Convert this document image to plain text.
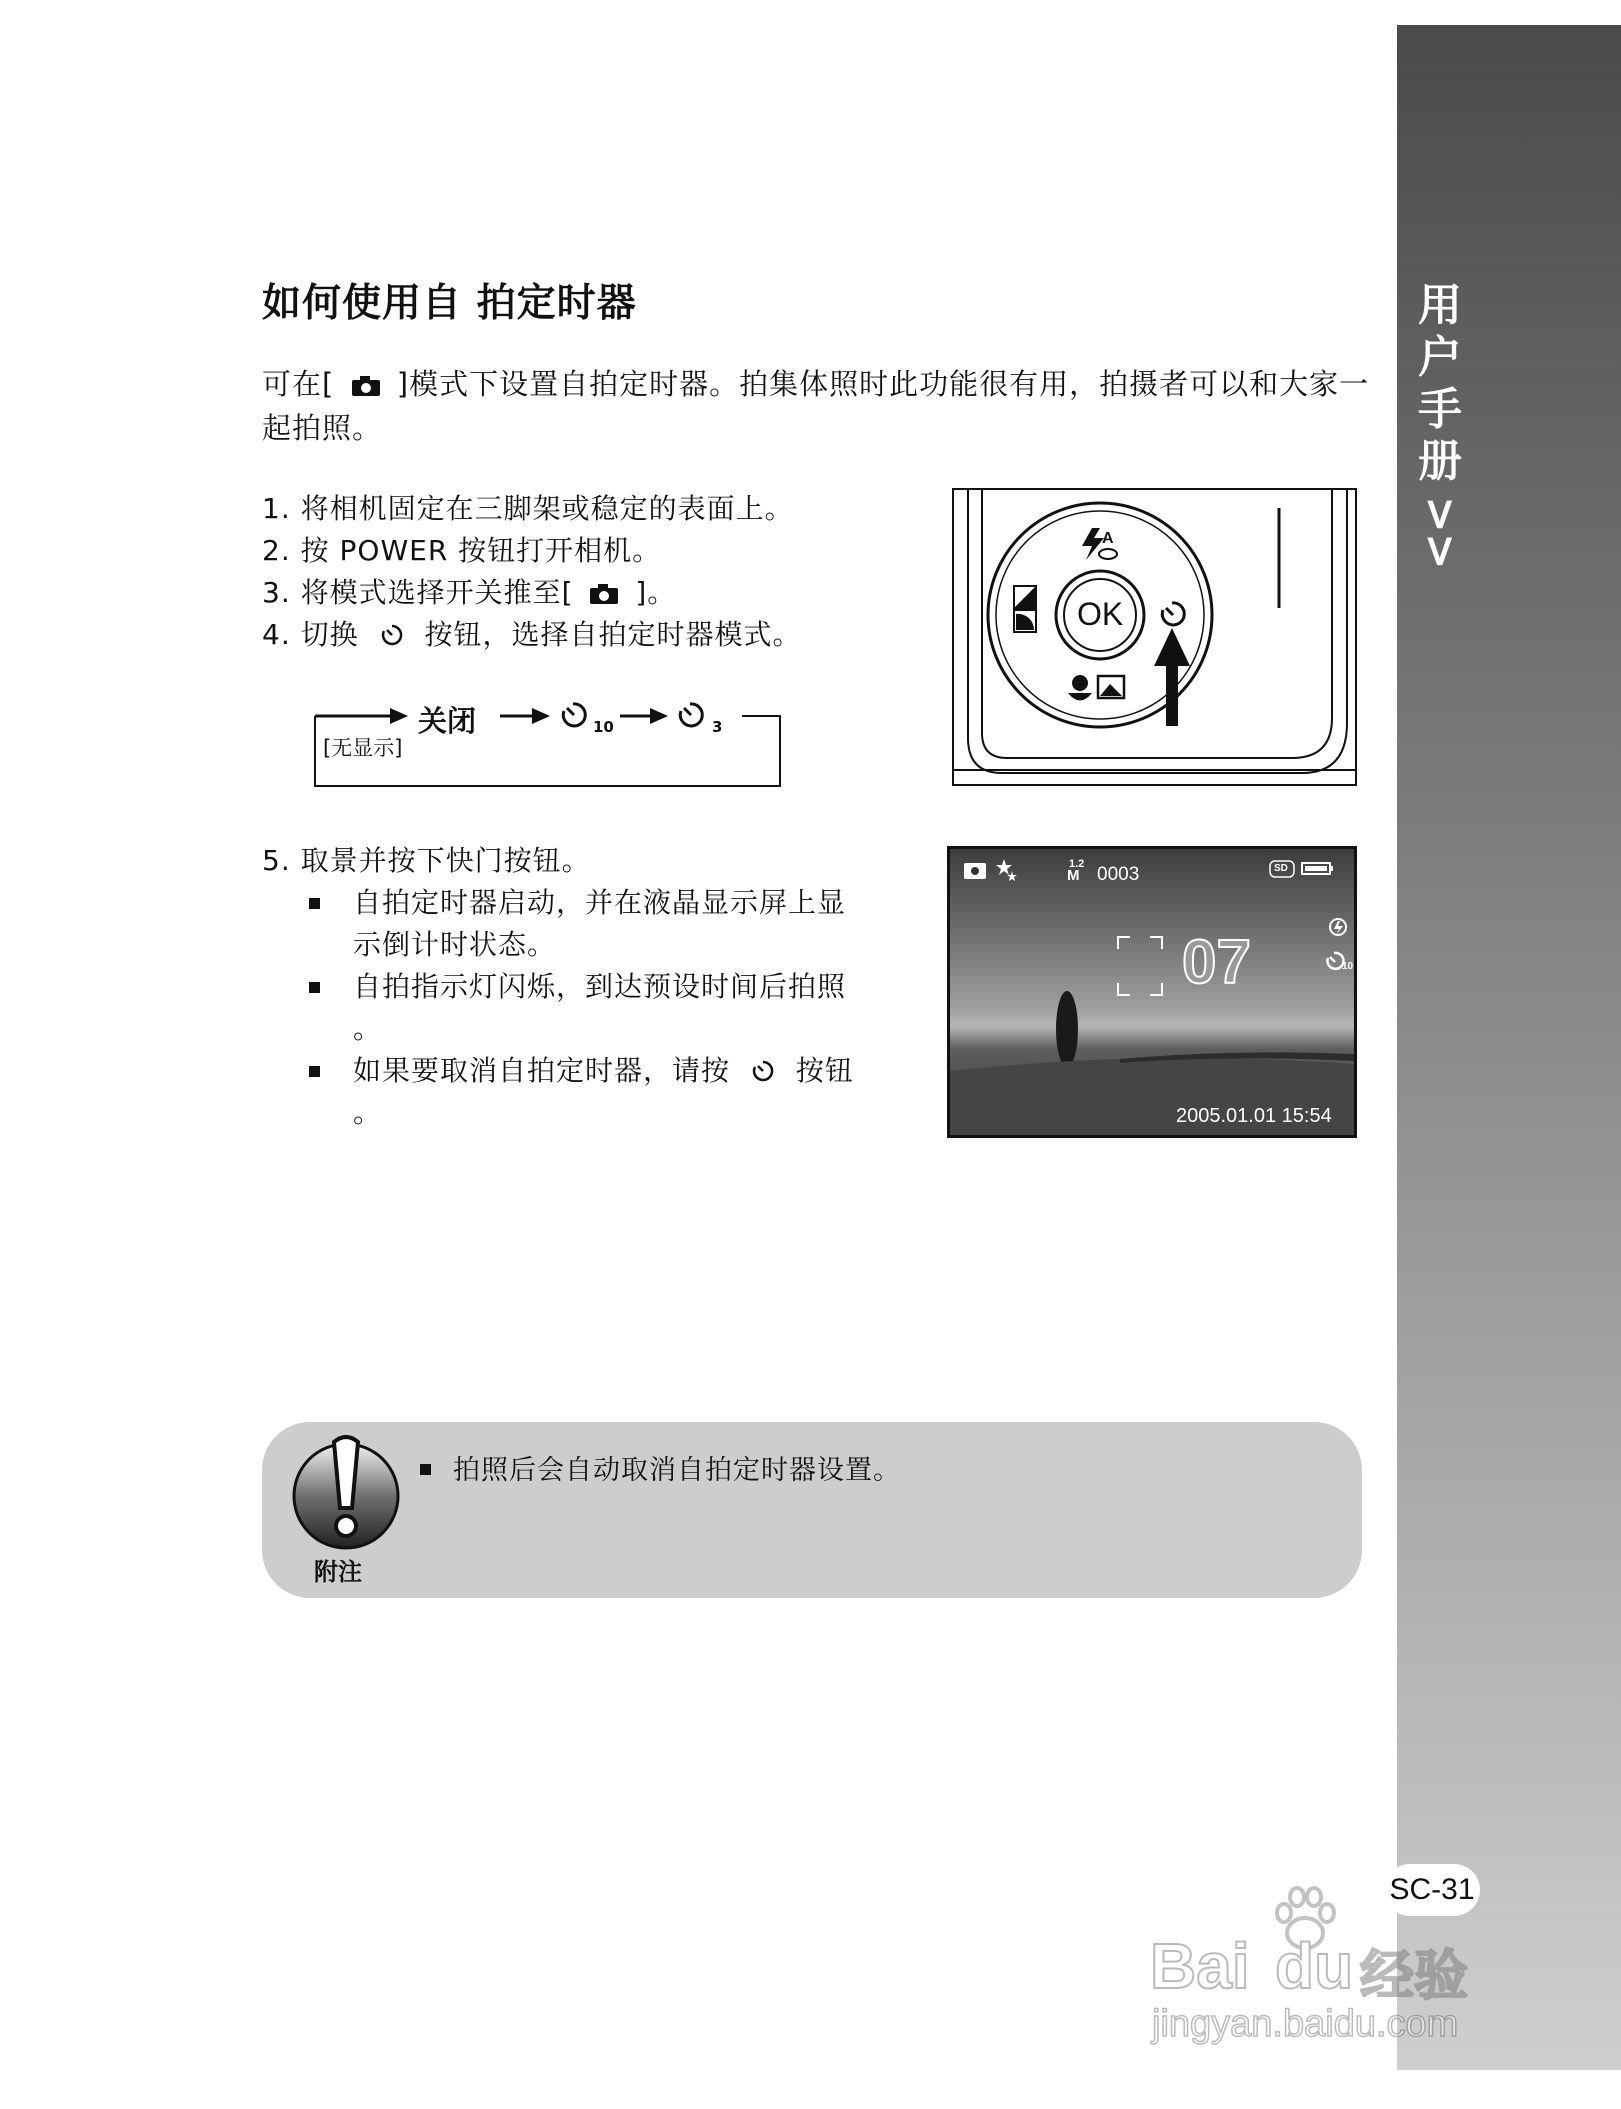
用
户
手
册
>>
SC-31
如何使用自 拍定时器
可在[ ]模式下设置自拍定时器。拍集体照时此功能很有用，拍摄者可以和大家一起拍照。
1. 将相机固定在三脚架或稳定的表面上。
2. 按 POWER 按钮打开相机。
3. 将模式选择开关推至[ ]。
4. 切换 按钮，选择自拍定时器模式。
关闭	10	3
[无显示]
A
OK
5. 取景并按下快门按钮。
自拍定时器启动，并在液晶显示屏上显示倒计时状态。
自拍指示灯闪烁，到达预设时间后拍照 。
如果要取消自拍定时器，请按 按钮 。
1.2
M 0003	SD
07	10
2005.01.01 15:54
附注
拍照后会自动取消自拍定时器设置。
Bai du 经验
jingyan.baidu.com
